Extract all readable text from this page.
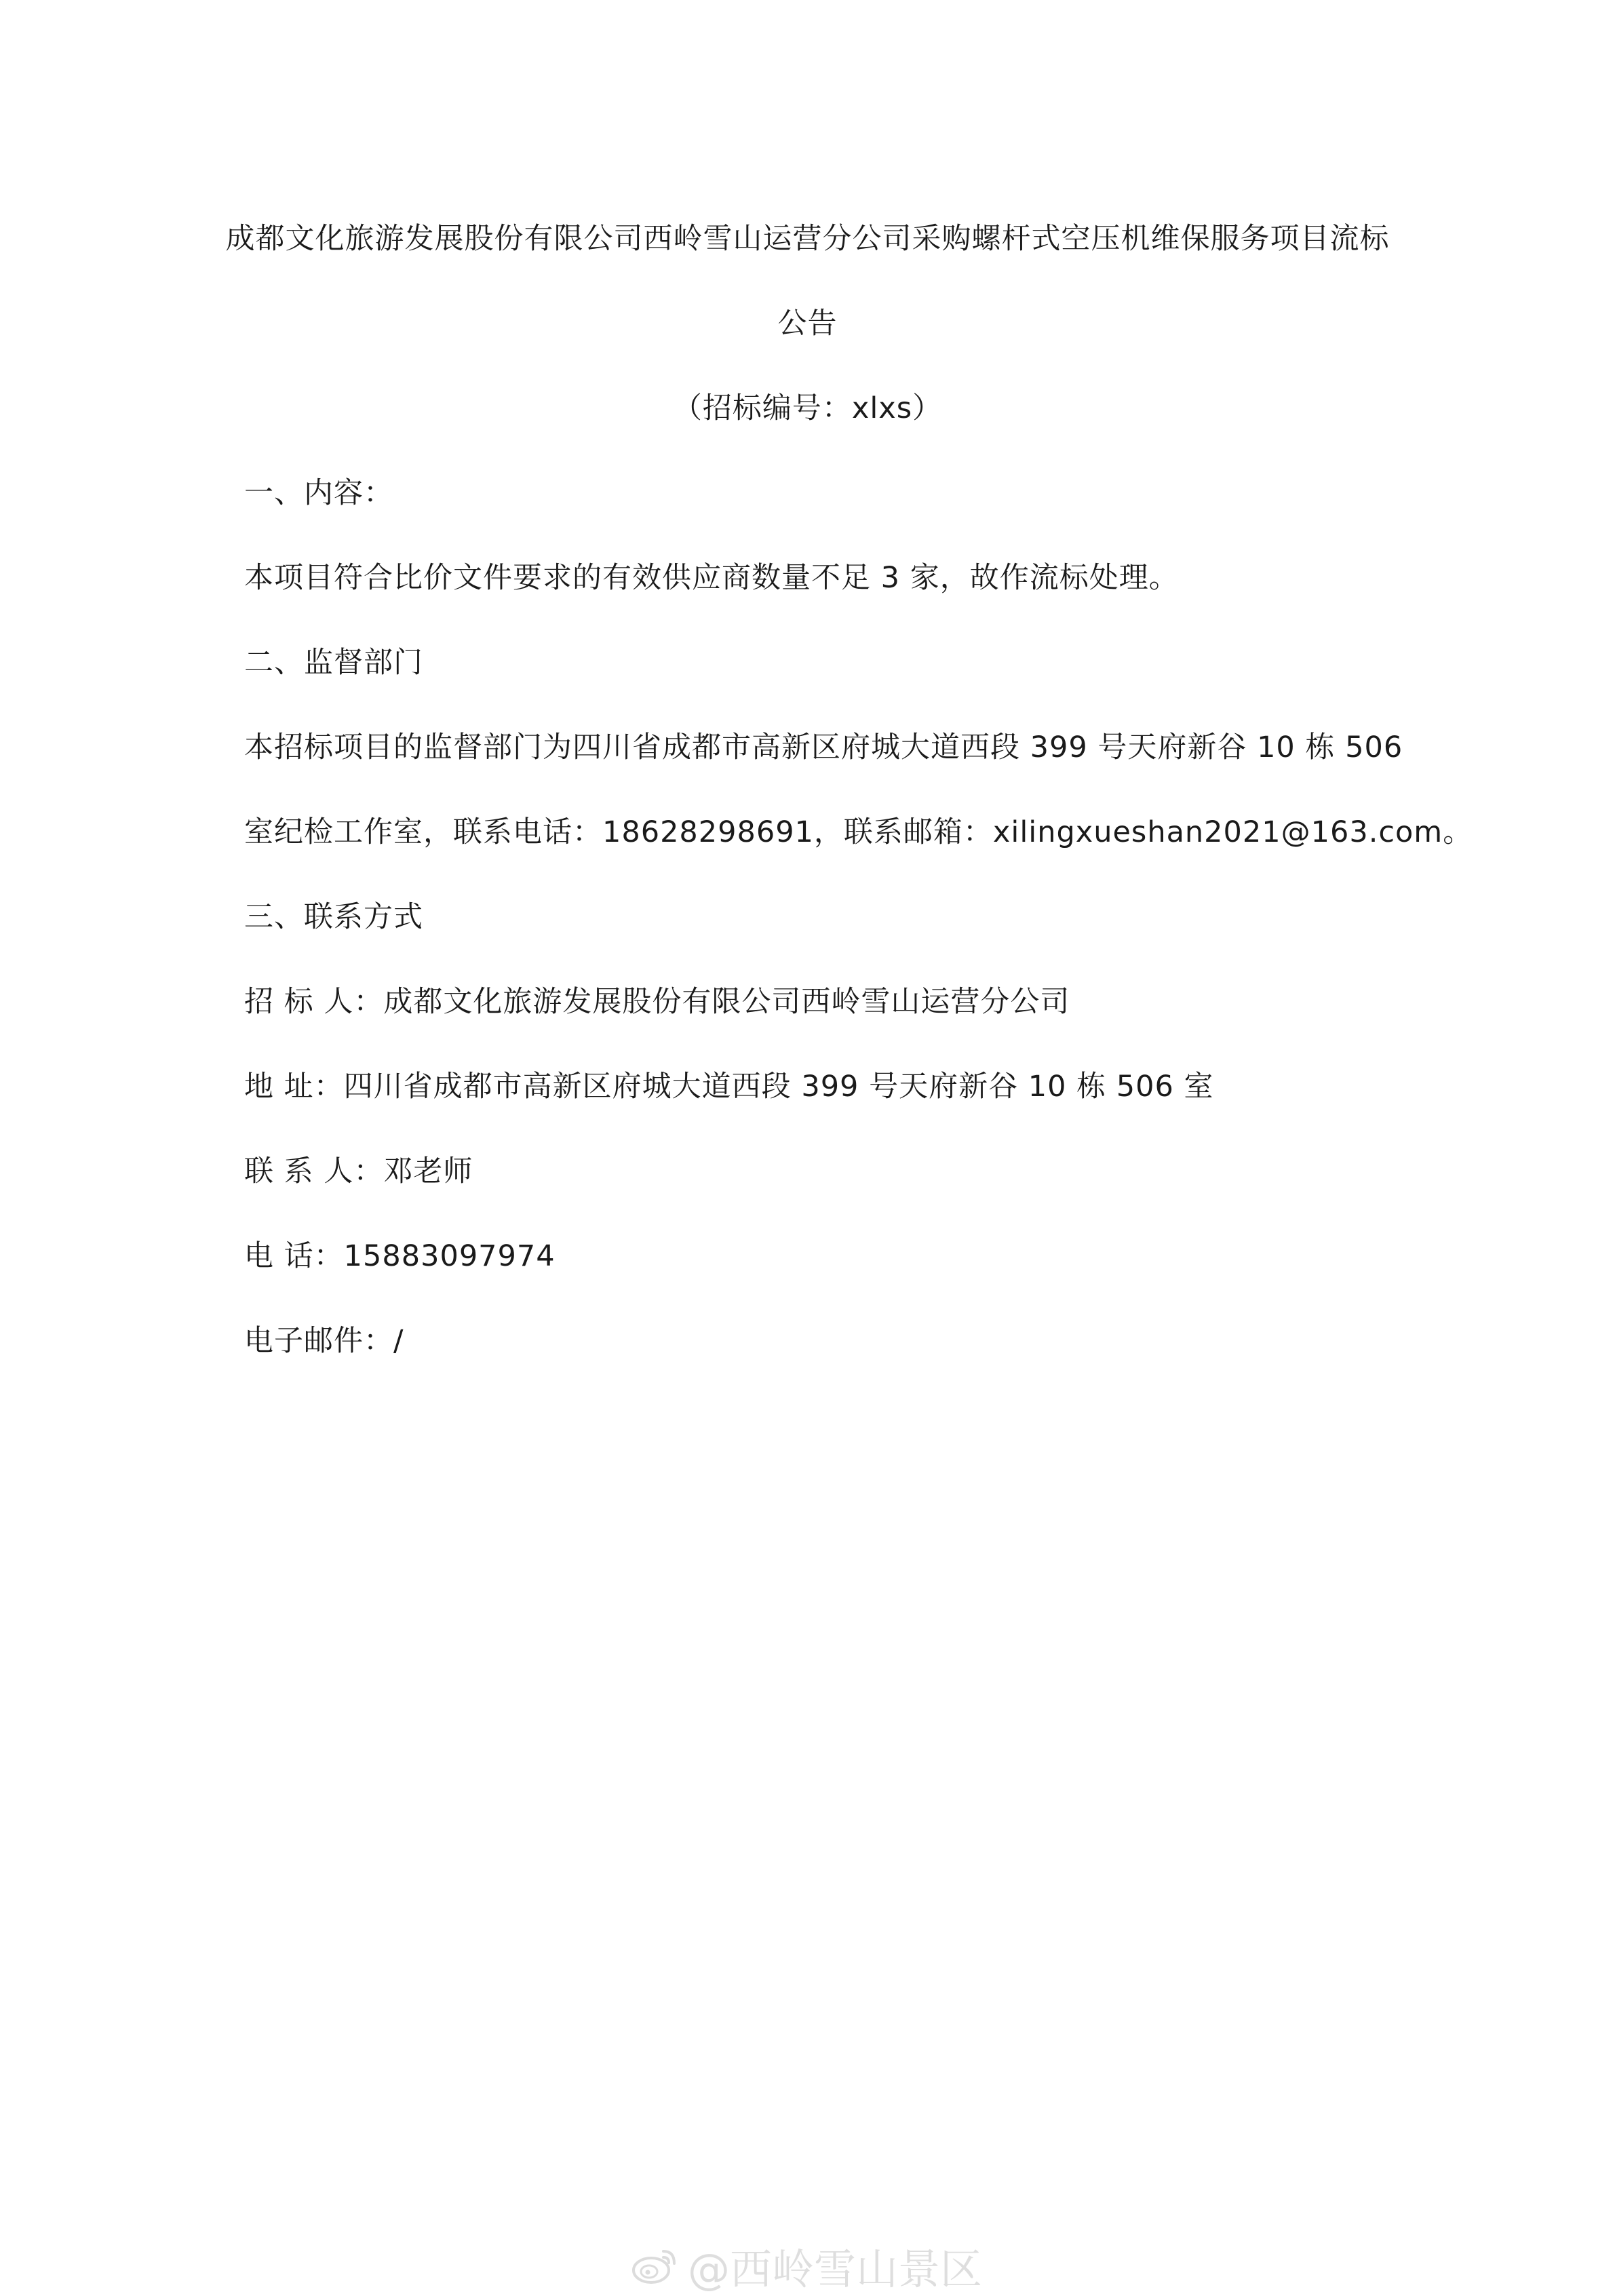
成都文化旅游发展股份有限公司西岭雪山运营分公司采购螺杆式空压机维保服务项目流标
公告
（招标编号：xlxs）
一、内容：
本项目符合比价文件要求的有效供应商数量不足 3 家，故作流标处理。
二、监督部门
本招标项目的监督部门为四川省成都市高新区府城大道西段 399 号天府新谷 10 栋 506
室纪检工作室，联系电话：18628298691，联系邮箱：xilingxueshan2021@163.com。
三、联系方式
招 标 人：成都文化旅游发展股份有限公司西岭雪山运营分公司
地 址：四川省成都市高新区府城大道西段 399 号天府新谷 10 栋 506 室
联 系 人：邓老师
电 话：15883097974
电子邮件：/
@西岭雪山景区
